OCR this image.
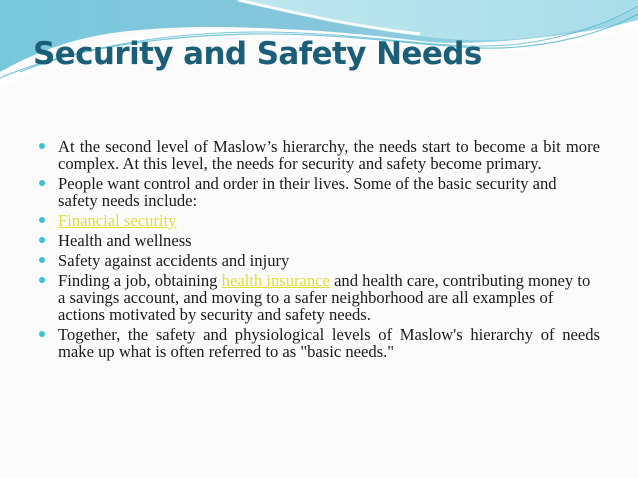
Security and Safety Needs
At the second level of Maslow’s hierarchy, the needs start to become a bit more complex. At this level, the needs for security and safety become primary.
People want control and order in their lives. Some of the basic security and safety needs include:
Financial security
Health and wellness
Safety against accidents and injury
Finding a job, obtaining health insurance and health care, contributing money to a savings account, and moving to a safer neighborhood are all examples of actions motivated by security and safety needs.
Together, the safety and physiological levels of Maslow's hierarchy of needs make up what is often referred to as "basic needs."
